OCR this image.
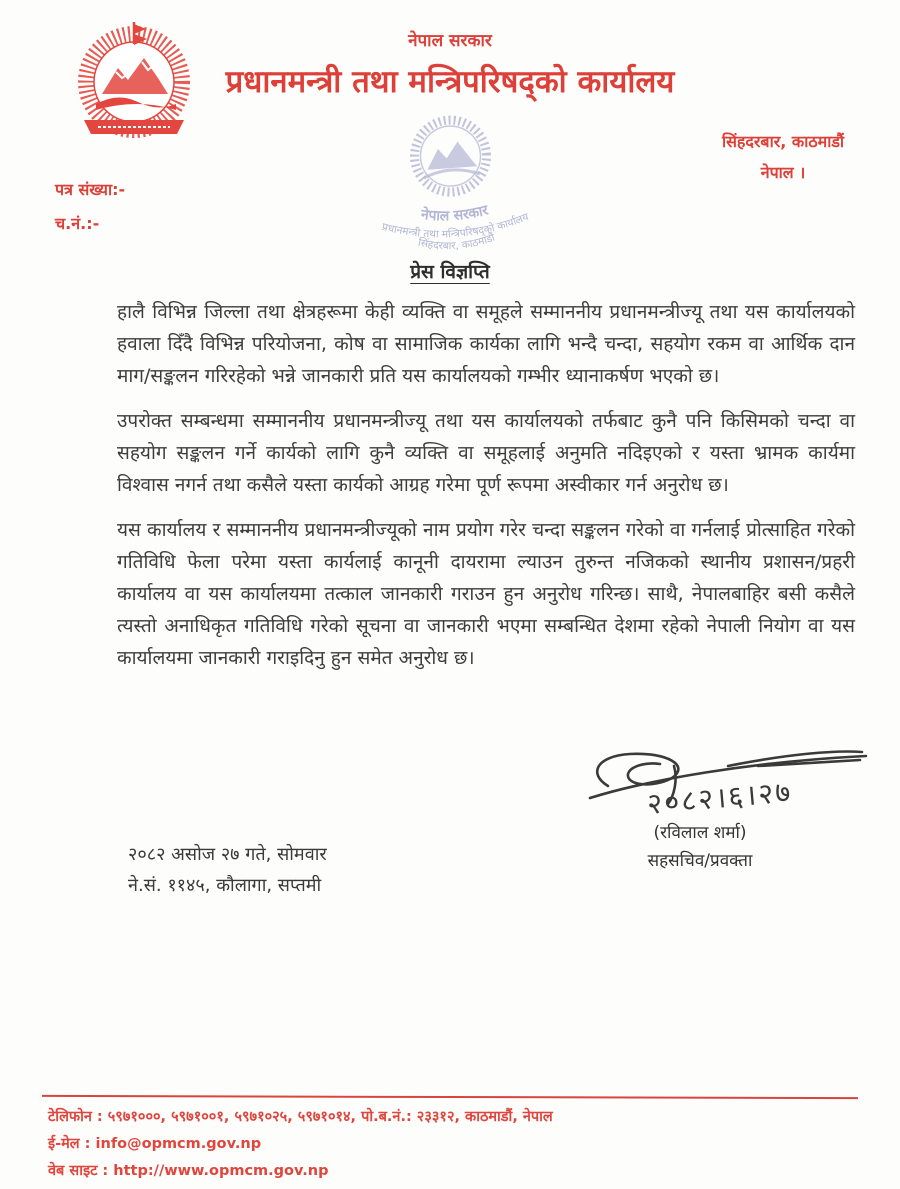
नेपाल सरकार
प्रधानमन्त्री तथा मन्त्रिपरिषद्को कार्यालय
नेपाल सरकार
प्रधानमन्त्री तथा मन्त्रिपरिषद्को कार्यालय
सिंहदरबार, काठमाडौं
सिंहदरबार, काठमाडौं
नेपाल ।
पत्र संख्या:-
च.नं.:-
प्रेस विज्ञप्ति

हालै विभिन्न जिल्ला तथा क्षेत्रहरूमा केही व्यक्ति वा समूहले सम्माननीय प्रधानमन्त्रीज्यू तथा यस कार्यालयको हवाला दिँदै विभिन्न परियोजना, कोष वा सामाजिक कार्यका लागि भन्दै चन्दा, सहयोग रकम वा आर्थिक दान माग/सङ्कलन गरिरहेको भन्ने जानकारी प्रति यस कार्यालयको गम्भीर ध्यानाकर्षण भएको छ।

उपरोक्त सम्बन्धमा सम्माननीय प्रधानमन्त्रीज्यू तथा यस कार्यालयको तर्फबाट कुनै पनि किसिमको चन्दा वा सहयोग सङ्कलन गर्ने कार्यको लागि कुनै व्यक्ति वा समूहलाई अनुमति नदिइएको र यस्ता भ्रामक कार्यमा विश्वास नगर्न तथा कसैले यस्ता कार्यको आग्रह गरेमा पूर्ण रूपमा अस्वीकार गर्न अनुरोध छ।

यस कार्यालय र सम्माननीय प्रधानमन्त्रीज्यूको नाम प्रयोग गरेर चन्दा सङ्कलन गरेको वा गर्नलाई प्रोत्साहित गरेको गतिविधि फेला परेमा यस्ता कार्यलाई कानूनी दायरामा ल्याउन तुरुन्त नजिकको स्थानीय प्रशासन/प्रहरी कार्यालय वा यस कार्यालयमा तत्काल जानकारी गराउन हुन अनुरोध गरिन्छ। साथै, नेपालबाहिर बसी कसैले त्यस्तो अनाधिकृत गतिविधि गरेको सूचना वा जानकारी भएमा सम्बन्धित देशमा रहेको नेपाली नियोग वा यस कार्यालयमा जानकारी गराइदिनु हुन समेत अनुरोध छ।

२०८२।६।२७
(रविलाल शर्मा)
सहसचिव/प्रवक्ता
२०८२ असोज २७ गते, सोमवार
ने.सं. ११४५, कौलागा, सप्तमी
टेलिफोन : ५९७१०००, ५९७१००१, ५९७१०२५, ५९७१०१४, पो.ब.नं.: २३३१२, काठमाडौं, नेपाल
ई-मेल : info@opmcm.gov.np
वेब साइट : http://www.opmcm.gov.np
